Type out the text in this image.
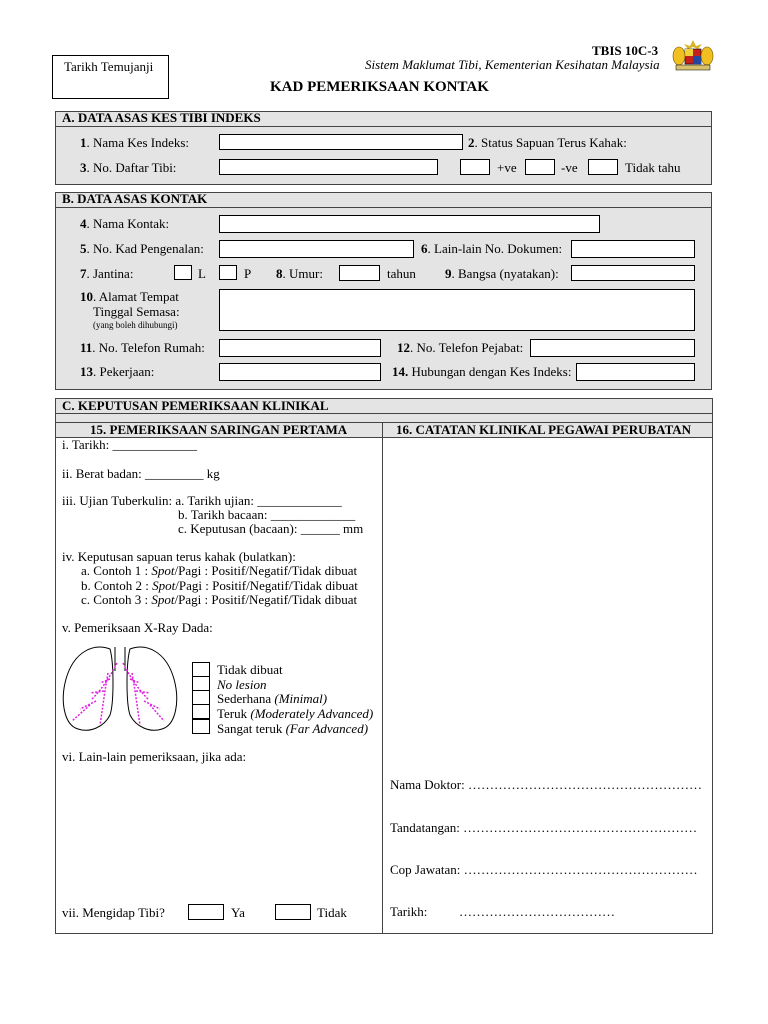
Tarikh Temujanji
TBIS 10C-3
Sistem Maklumat Tibi, Kementerian Kesihatan Malaysia
KAD PEMERIKSAAN KONTAK
A. DATA ASAS KES TIBI INDEKS
1. Nama Kes Indeks:	2. Status Sapuan Terus Kahak:
3. No. Daftar Tibi:	+ve	-ve	Tidak tahu
B. DATA ASAS KONTAK
4. Nama Kontak:
5. No. Kad Pengenalan:	6. Lain-lain No. Dokumen:
7. Jantina:	L	P 8. Umur:	tahun 9. Bangsa (nyatakan):
10. Alamat Tempat
Tinggal Semasa:
(yang boleh dihubungi)
11. No. Telefon Rumah:	12. No. Telefon Pejabat:
13. Pekerjaan:	14. Hubungan dengan Kes Indeks:
C. KEPUTUSAN PEMERIKSAAN KLINIKAL
15. PEMERIKSAAN SARINGAN PERTAMA	16. CATATAN KLINIKAL PEGAWAI PERUBATAN
i. Tarikh: _____________
ii. Berat badan: _________ kg
iii. Ujian Tuberkulin: a. Tarikh ujian: _____________
b. Tarikh bacaan: _____________
c. Keputusan (bacaan): ______ mm
iv. Keputusan sapuan terus kahak (bulatkan):
a. Contoh 1 : Spot/Pagi : Positif/Negatif/Tidak dibuat
b. Contoh 2 : Spot/Pagi : Positif/Negatif/Tidak dibuat
c. Contoh 3 : Spot/Pagi : Positif/Negatif/Tidak dibuat
v. Pemeriksaan X-Ray Dada:
Tidak dibuat
No lesion
Sederhana (Minimal)
Teruk (Moderately Advanced)
Sangat teruk (Far Advanced)
vi. Lain-lain pemeriksaan, jika ada:
vii. Mengidap Tibi?	Ya	Tidak
Nama Doktor: ………………………………………………
Tandatangan: ………………………………………………
Cop Jawatan: ………………………………………………
Tarikh: ………………………………
